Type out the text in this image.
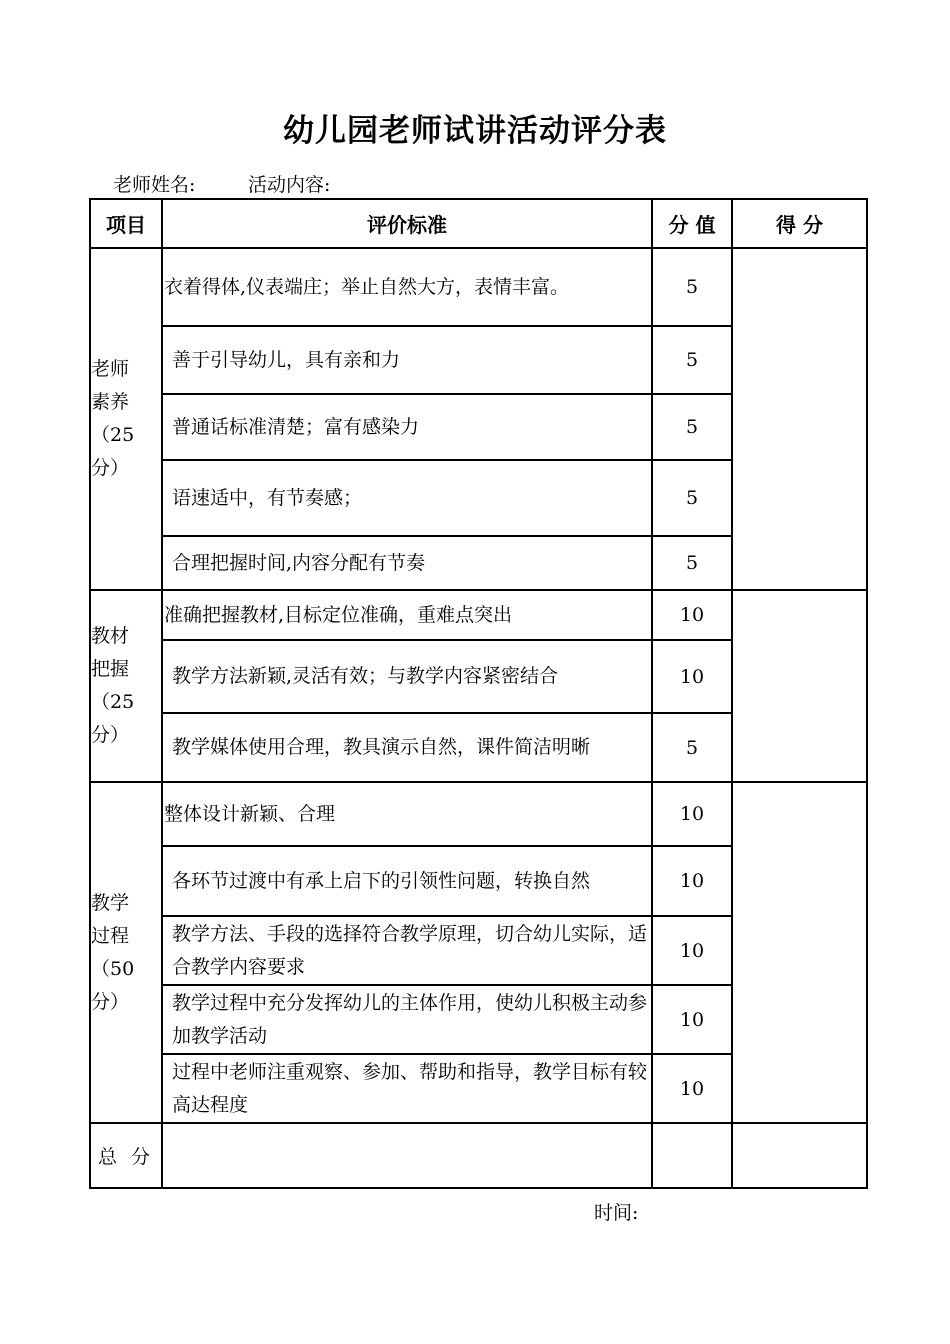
幼儿园老师试讲活动评分表
老师姓名:	活动内容:
项目	评价标准	分 值	得 分

老师
素养
（25
分）	衣着得体,仪表端庄；举止自然大方，表情丰富。	5	
	善于引导幼儿，具有亲和力	5	
	普通话标准清楚；富有感染力	5	
	语速适中，有节奏感；	5	
	合理把握时间,内容分配有节奏	5	

教材
把握
（25
分）	准确把握教材,目标定位准确，重难点突出	10	
	教学方法新颖,灵活有效；与教学内容紧密结合	10	
	教学媒体使用合理，教具演示自然，课件简洁明晰	5	

教学
过程
（50
分）	整体设计新颖、合理	10	
	各环节过渡中有承上启下的引领性问题，转换自然	10	
	教学方法、手段的选择符合教学原理，切合幼儿实际，适合教学内容要求	10	
	教学过程中充分发挥幼儿的主体作用，使幼儿积极主动参加教学活动	10	
	过程中老师注重观察、参加、帮助和指导，教学目标有较高达程度	10	
总 分			
时间:
